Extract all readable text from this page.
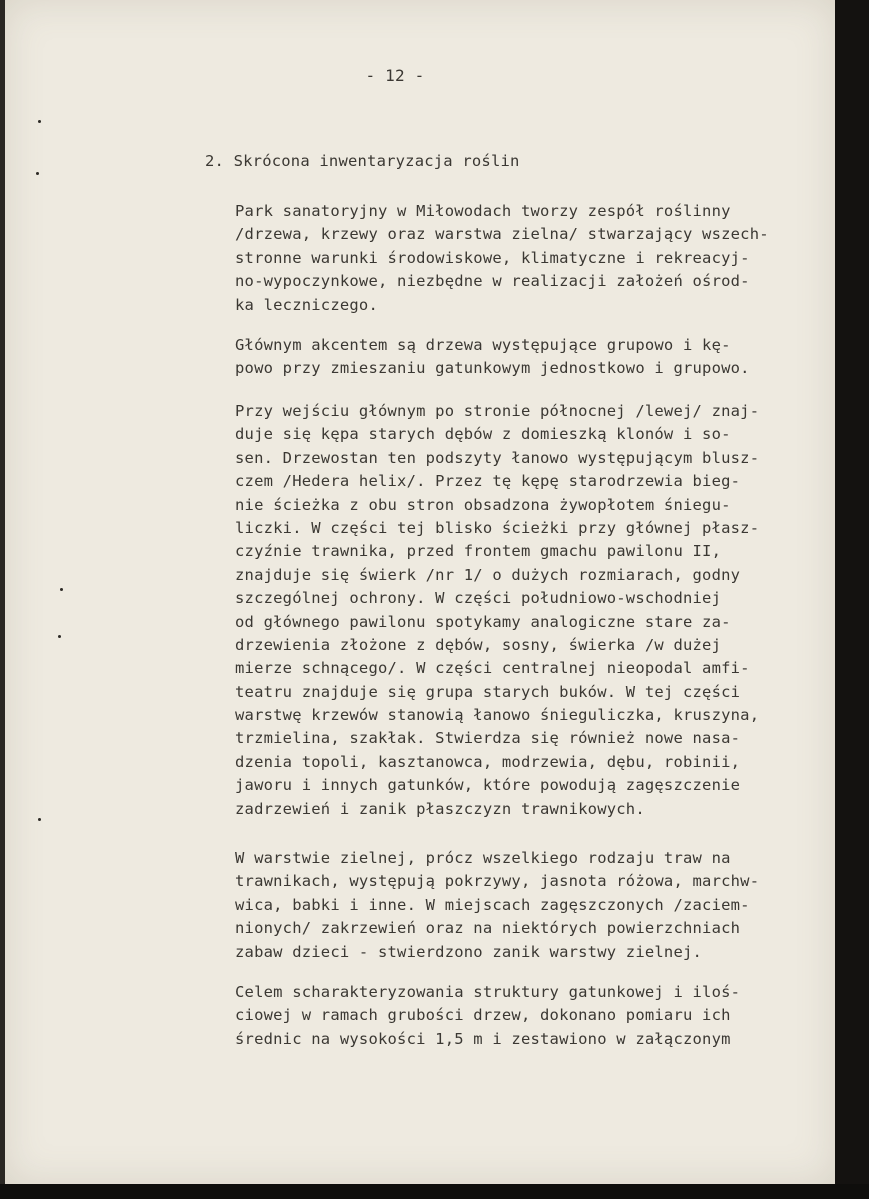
- 12 -
2. Skrócona inwentaryzacja roślin
Park sanatoryjny w Miłowodach tworzy zespół roślinny
/drzewa, krzewy oraz warstwa zielna/ stwarzający wszech-
stronne warunki środowiskowe, klimatyczne i rekreacyj-
no-wypoczynkowe, niezbędne w realizacji założeń ośrod-
ka leczniczego.
Głównym akcentem są drzewa występujące grupowo i kę-
powo przy zmieszaniu gatunkowym jednostkowo i grupowo.
Przy wejściu głównym po stronie północnej /lewej/ znaj-
duje się kępa starych dębów z domieszką klonów i so-
sen. Drzewostan ten podszyty łanowo występującym blusz-
czem /Hedera helix/. Przez tę kępę starodrzewia bieg-
nie ścieżka z obu stron obsadzona żywopłotem śniegu-
liczki. W części tej blisko ścieżki przy głównej płasz-
czyźnie trawnika, przed frontem gmachu pawilonu II,
znajduje się świerk /nr 1/ o dużych rozmiarach, godny
szczególnej ochrony. W części południowo-wschodniej
od głównego pawilonu spotykamy analogiczne stare za-
drzewienia złożone z dębów, sosny, świerka /w dużej
mierze schnącego/. W części centralnej nieopodal amfi-
teatru znajduje się grupa starych buków. W tej części
warstwę krzewów stanowią łanowo śnieguliczka, kruszyna,
trzmielina, szakłak. Stwierdza się również nowe nasa-
dzenia topoli, kasztanowca, modrzewia, dębu, robinii,
jaworu i innych gatunków, które powodują zagęszczenie
zadrzewień i zanik płaszczyzn trawnikowych.
W warstwie zielnej, prócz wszelkiego rodzaju traw na
trawnikach, występują pokrzywy, jasnota różowa, marchw-
wica, babki i inne. W miejscach zagęszczonych /zaciem-
nionych/ zakrzewień oraz na niektórych powierzchniach
zabaw dzieci - stwierdzono zanik warstwy zielnej.
Celem scharakteryzowania struktury gatunkowej i iloś-
ciowej w ramach grubości drzew, dokonano pomiaru ich
średnic na wysokości 1,5 m i zestawiono w załączonym
